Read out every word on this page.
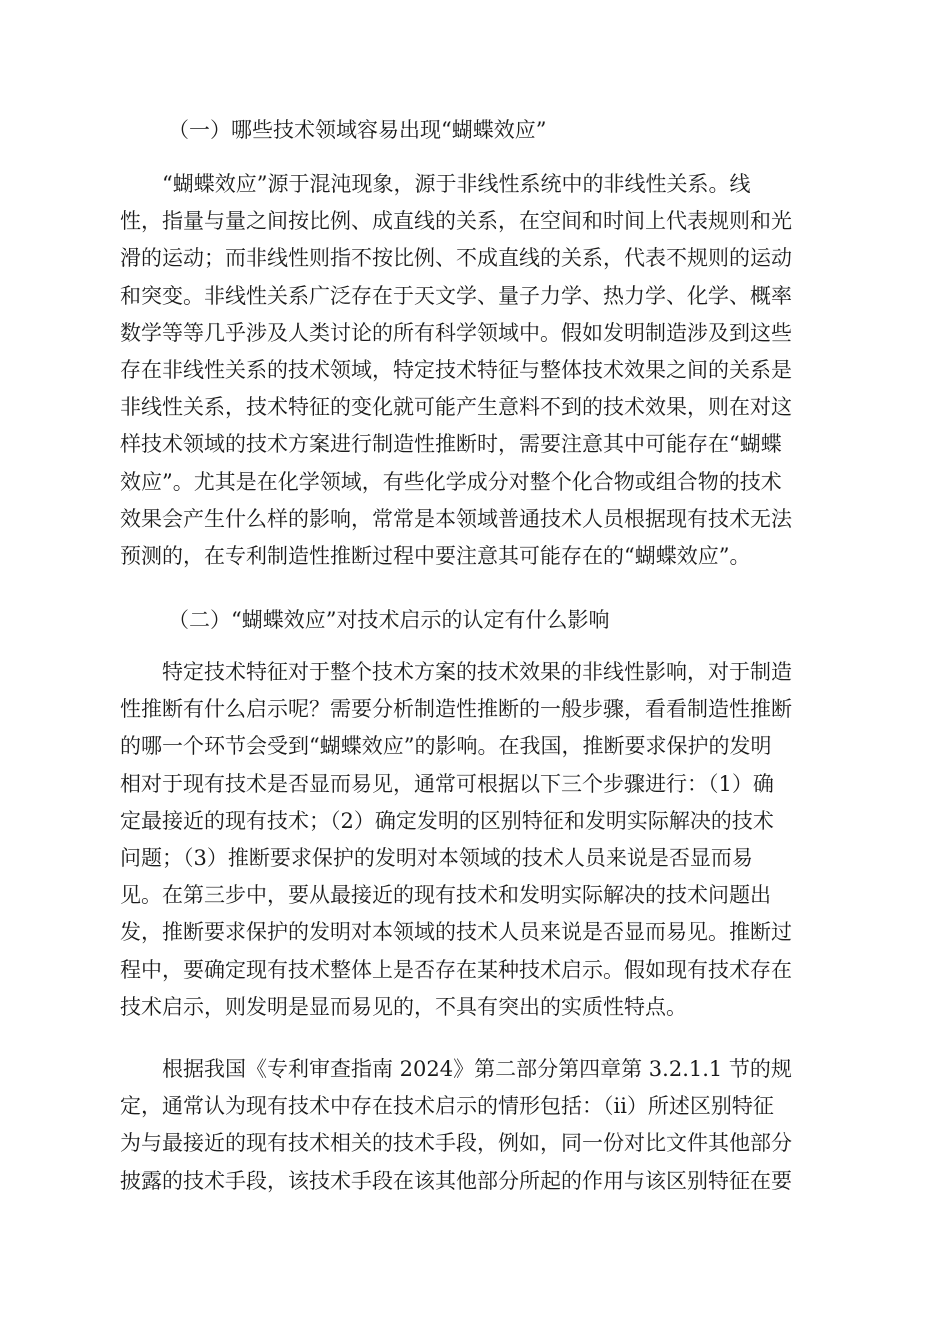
（一）哪些技术领域容易出现“蝴蝶效应”
“蝴蝶效应”源于混沌现象，源于非线性系统中的非线性关系。线
性，指量与量之间按比例、成直线的关系，在空间和时间上代表规则和光
滑的运动；而非线性则指不按比例、不成直线的关系，代表不规则的运动
和突变。非线性关系广泛存在于天文学、量子力学、热力学、化学、概率
数学等等几乎涉及人类讨论的所有科学领域中。假如发明制造涉及到这些
存在非线性关系的技术领域，特定技术特征与整体技术效果之间的关系是
非线性关系，技术特征的变化就可能产生意料不到的技术效果，则在对这
样技术领域的技术方案进行制造性推断时，需要注意其中可能存在“蝴蝶
效应”。尤其是在化学领域，有些化学成分对整个化合物或组合物的技术
效果会产生什么样的影响，常常是本领域普通技术人员根据现有技术无法
预测的，在专利制造性推断过程中要注意其可能存在的“蝴蝶效应”。
（二）“蝴蝶效应”对技术启示的认定有什么影响
特定技术特征对于整个技术方案的技术效果的非线性影响，对于制造
性推断有什么启示呢？需要分析制造性推断的一般步骤，看看制造性推断
的哪一个环节会受到“蝴蝶效应”的影响。在我国，推断要求保护的发明
相对于现有技术是否显而易见，通常可根据以下三个步骤进行：（1）确
定最接近的现有技术；（2）确定发明的区别特征和发明实际解决的技术
问题；（3）推断要求保护的发明对本领域的技术人员来说是否显而易
见。在第三步中，要从最接近的现有技术和发明实际解决的技术问题出
发，推断要求保护的发明对本领域的技术人员来说是否显而易见。推断过
程中，要确定现有技术整体上是否存在某种技术启示。假如现有技术存在
技术启示，则发明是显而易见的，不具有突出的实质性特点。
根据我国《专利审查指南 2024》第二部分第四章第 3.2.1.1 节的规
定，通常认为现有技术中存在技术启示的情形包括：（ii）所述区别特征
为与最接近的现有技术相关的技术手段，例如，同一份对比文件其他部分
披露的技术手段，该技术手段在该其他部分所起的作用与该区别特征在要
